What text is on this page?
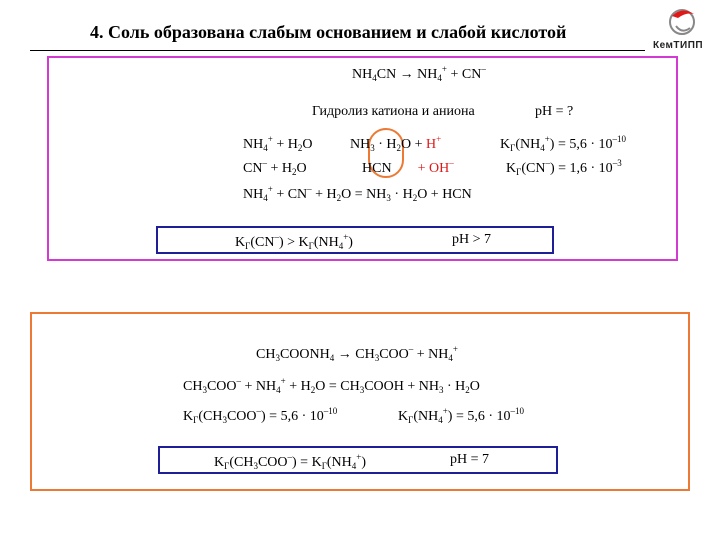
4. Соль образована слабым основанием и слабой кислотой
КемТИПП
$NH_4CN \to NH_4^+ + CN^-$
Гидролиз катиона и аниона	рН = ?
$NH_4^+ + H_2O$	$NH_3 \cdot H_2O + H^+$	$K_Г(NH_4^+) = 5,6 \cdot 10^{-10}$
$CN^- + H_2O$	HCN + OH–	$K_Г(CN^-) = 1,6 \cdot 10^{-3}$
$NH_4^+ + CN^- + H_2O = NH_3 \cdot H_2O$ + HCN
$K_Г(CN^-) > K_Г(NH_4^+)$	рН > 7
$CH_3COONH_4 \to CH_3COO^- + NH_4^+$
$CH_3COO^- + NH_4^+ + H_2O$ = $CH_3COOH + NH_3 \cdot H_2O$
$K_Г(CH_3COO^-) = 5,6 \cdot 10^{-10}$	$K_Г(NH_4^+) = 5,6 \cdot 10^{-10}$
$K_Г(CH_3COO^-) = K_Г(NH_4^+)$	рН = 7
